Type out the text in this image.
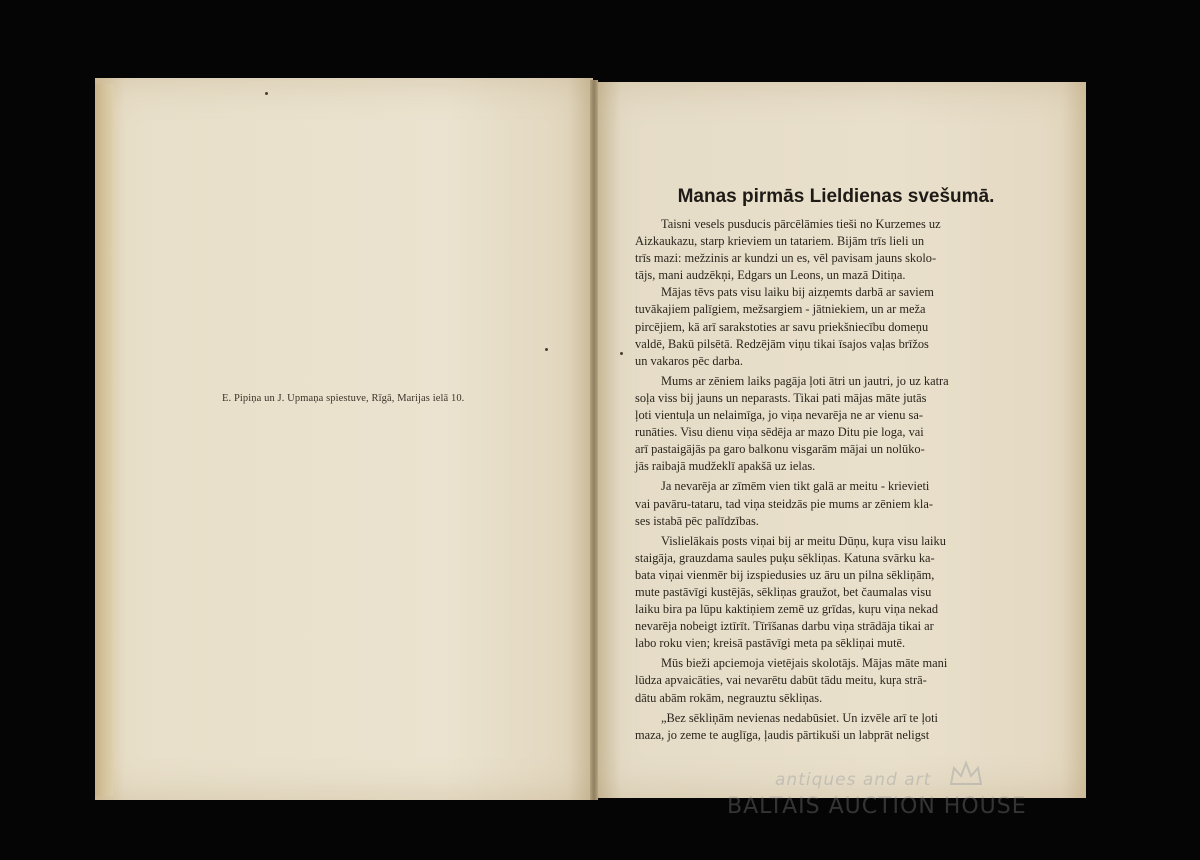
E. Pipiņa un J. Upmaņa spiestuve, Rīgā, Marijas ielā 10.
Manas pirmās Lieldienas svešumā.
Taisni vesels pusducis pārcēlāmies tieši no Kurzemes uz
Aizkaukazu, starp krieviem un tatariem. Bijām trīs lieli un
trīs mazi: mežzinis ar kundzi un es, vēl pavisam jauns skolo-
tājs, mani audzēkņi, Edgars un Leons, un mazā Ditiņa.
Mājas tēvs pats visu laiku bij aizņemts darbā ar saviem
tuvākajiem palīgiem, mežsargiem - jātniekiem, un ar meža
pircējiem, kā arī sarakstoties ar savu priekšniecību domeņu
valdē, Bakū pilsētā. Redzējām viņu tikai īsajos vaļas brīžos
un vakaros pēc darba.
Mums ar zēniem laiks pagāja ļoti ātri un jautri, jo uz katra
soļa viss bij jauns un neparasts. Tikai pati mājas māte jutās
ļoti vientuļa un nelaimīga, jo viņa nevarēja ne ar vienu sa-
runāties. Visu dienu viņa sēdēja ar mazo Ditu pie loga, vai
arī pastaigājās pa garo balkonu visgarām mājai un nolūko-
jās raibajā mudžeklī apakšā uz ielas.
Ja nevarēja ar zīmēm vien tikt galā ar meitu - krievieti
vai pavāru-tataru, tad viņa steidzās pie mums ar zēniem kla-
ses istabā pēc palīdzības.
Vislielākais posts viņai bij ar meitu Dūņu, kuŗa visu laiku
staigāja, grauzdama saules puķu sēkliņas. Katuna svārku ka-
bata viņai vienmēr bij izspiedusies uz āru un pilna sēkliņām,
mute pastāvīgi kustējās, sēkliņas graužot, bet čaumalas visu
laiku bira pa lūpu kaktiņiem zemē uz grīdas, kuŗu viņa nekad
nevarēja nobeigt iztīrīt. Tīrīšanas darbu viņa strādāja tikai ar
labo roku vien; kreisā pastāvīgi meta pa sēkliņai mutē.
Mūs bieži apciemoja vietējais skolotājs. Mājas māte mani
lūdza apvaicāties, vai nevarētu dabūt tādu meitu, kuŗa strā-
dātu abām rokām, negrauztu sēkliņas.
„Bez sēkliņām nevienas nedabūsiet. Un izvēle arī te ļoti
maza, jo zeme te auglīga, ļaudis pārtikuši un labprāt neligst
antiques and art
BALTAIS AUCTION HOUSE
